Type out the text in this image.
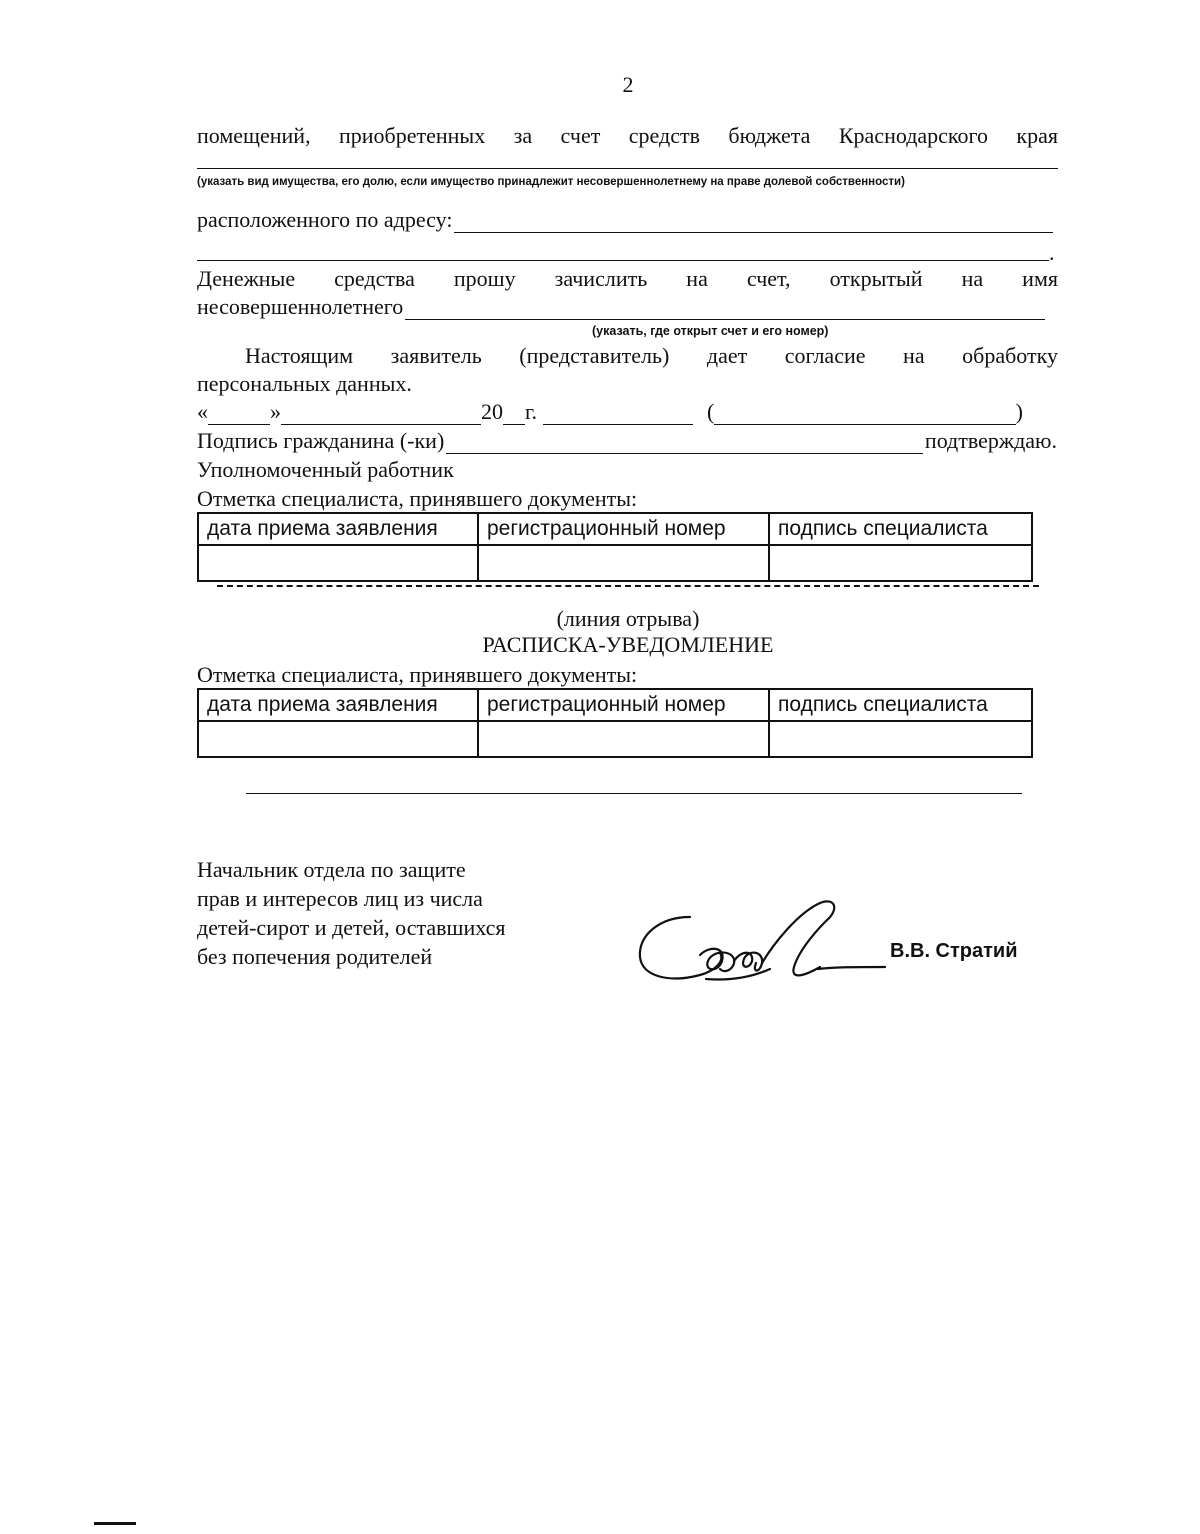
2
помещений, приобретенных за счет средств бюджета Краснодарского края
(указать вид имущества, его долю, если имущество принадлежит несовершеннолетнему на праве долевой собственности)
расположенного по адресу:
.
Денежные средства прошу зачислить на счет, открытый на имя
несовершеннолетнего
(указать, где открыт счет и его номер)
Настоящим заявитель (представитель) дает согласие на обработку
персональных данных.
«	»	20 г.	(	)
Подпись гражданина (-ки)	подтверждаю.
Уполномоченный работник
Отметка специалиста, принявшего документы:
дата приема заявления	регистрационный номер	подпись специалиста

(линия отрыва)
РАСПИСКА-УВЕДОМЛЕНИЕ
Отметка специалиста, принявшего документы:
дата приема заявления	регистрационный номер	подпись специалиста

Начальник отдела по защите
прав и интересов лиц из числа
детей-сирот и детей, оставшихся
без попечения родителей	В.В. Стратий
